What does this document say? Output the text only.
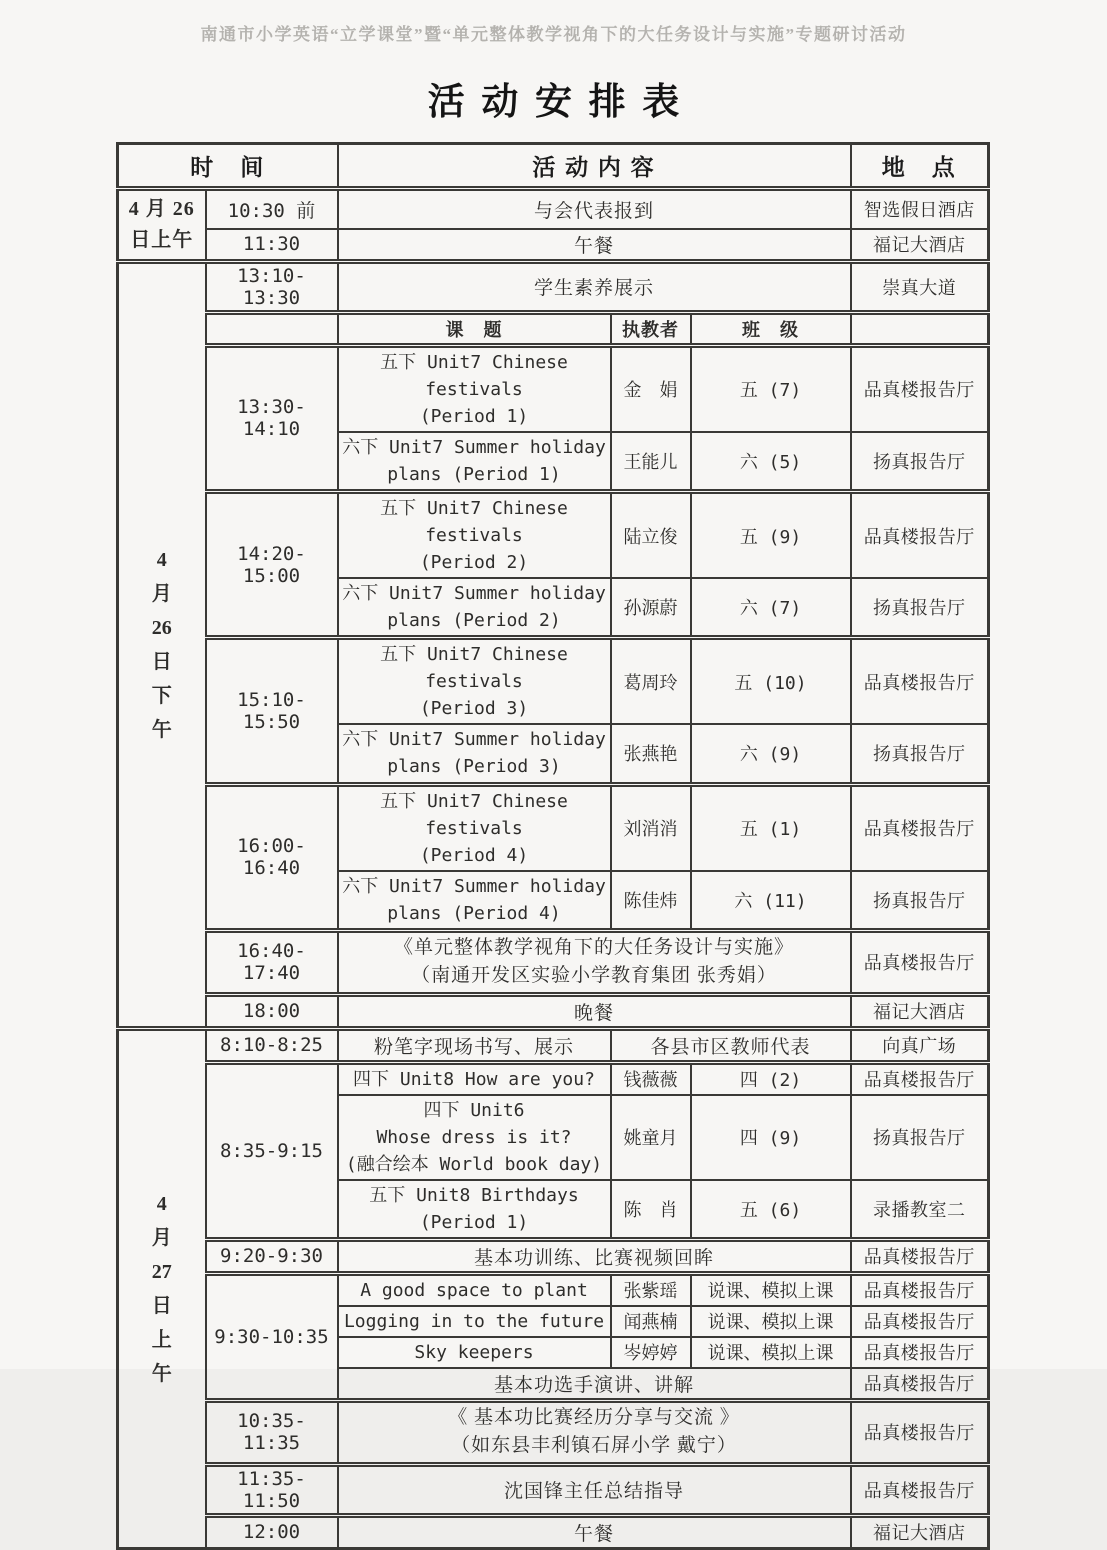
南通市小学英语“立学课堂”暨“单元整体教学视角下的大任务设计与实施”专题研讨活动
活动安排表
时　间		活 动 内 容			地　点

4 月 26
日上午	10:30 前	与会代表报到			智选假日酒店
	11:30	午餐			福记大酒店

4
月
26
日
下
午
	13:10-13:30	学生素养展示	崇真大道
		课　题	执教者	班　级	
	13:30-14:10	五下 Unit7 Chinese festivals
(Period 1)	金　娟	五 (7)	品真楼报告厅

		六下 Unit7 Summer holiday
plans (Period 1)	王能儿	六 (5)	扬真报告厅
	14:20-15:00	五下 Unit7 Chinese festivals
(Period 2)	陆立俊	五 (9)	品真楼报告厅

		六下 Unit7 Summer holiday
plans (Period 2)	孙源蔚	六 (7)	扬真报告厅
	15:10-15:50	五下 Unit7 Chinese festivals
(Period 3)	葛周玲	五 (10)	品真楼报告厅

		六下 Unit7 Summer holiday
plans (Period 3)	张燕艳	六 (9)	扬真报告厅
	16:00-16:40	五下 Unit7 Chinese festivals
(Period 4)	刘消消	五 (1)	品真楼报告厅

		六下 Unit7 Summer holiday
plans (Period 4)	陈佳炜	六 (11)	扬真报告厅
	16:40-17:40	《单元整体教学视角下的大任务设计与实施》
（南通开发区实验小学教育集团 张秀娟）			品真楼报告厅
	18:00	晚餐			福记大酒店

4
月
27
日
上
午
	8:10-8:25	粉笔字现场书写、展示	各县市区教师代表	向真广场
	8:35-9:15	四下 Unit8 How are you?	钱薇薇	四 (2)	品真楼报告厅

		四下 Unit6
Whose dress is it?
(融合绘本 World book day)	姚童月	四 (9)	扬真报告厅

		五下 Unit8 Birthdays
(Period 1)	陈　肖	五 (6)	录播教室二
	9:20-9:30	基本功训练、比赛视频回眸			品真楼报告厅
	9:30-10:35	A good space to plant	张紫瑶	说课、模拟上课	品真楼报告厅
		Logging in to the future	闻燕楠	说课、模拟上课	品真楼报告厅
		Sky keepers	岑婷婷	说课、模拟上课	品真楼报告厅
		基本功选手演讲、讲解			品真楼报告厅
	10:35-11:35	《 基本功比赛经历分享与交流 》
（如东县丰利镇石屏小学 戴宁）			品真楼报告厅
	11:35-11:50	沈国锋主任总结指导			品真楼报告厅
	12:00	午餐			福记大酒店
